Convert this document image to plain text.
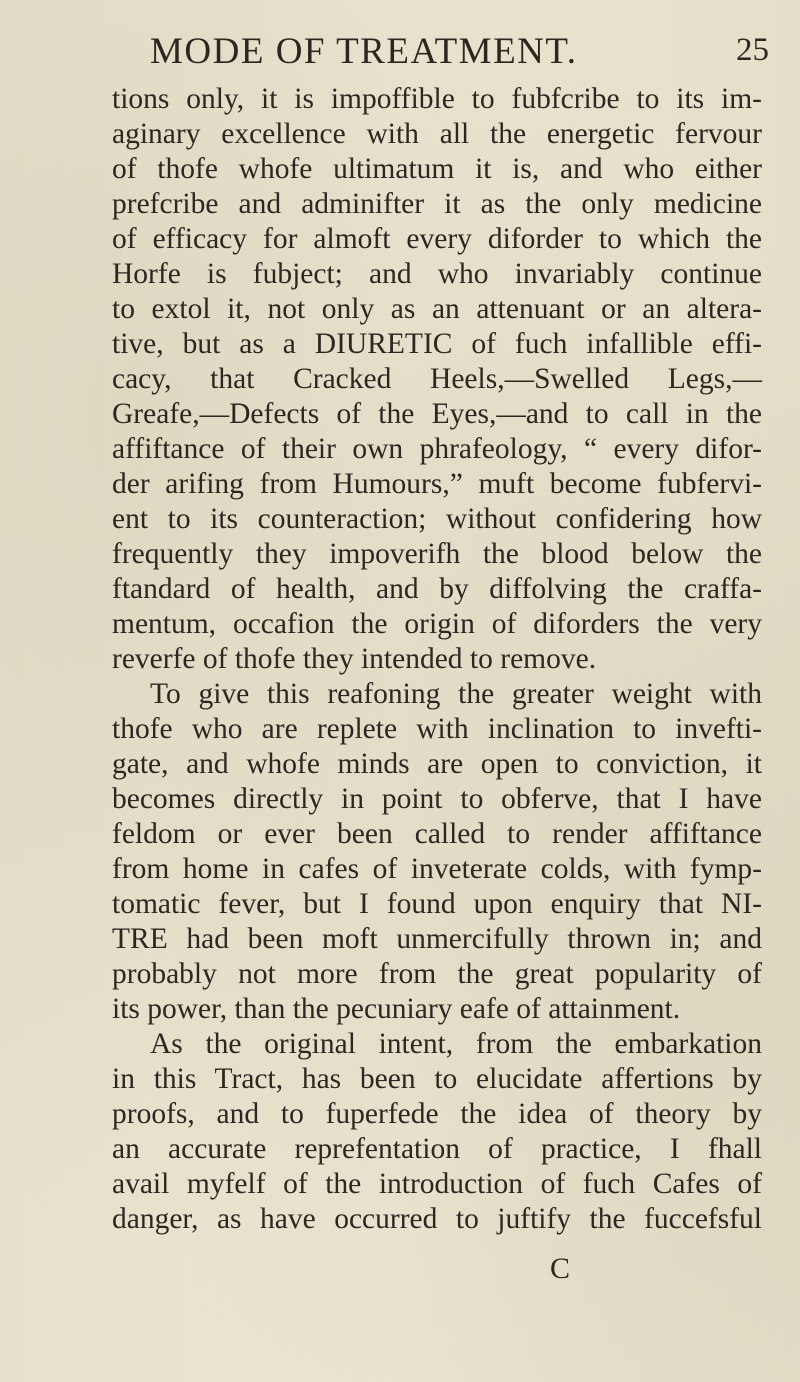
MODE OF TREATMENT.	25
tions only, it is impoffible to fubfcribe to its im-
aginary excellence with all the energetic fervour
of thofe whofe ultimatum it is, and who either
prefcribe and adminifter it as the only medicine
of efficacy for almoft every diforder to which the
Horfe is fubject; and who invariably continue
to extol it, not only as an attenuant or an altera-
tive, but as a DIURETIC of fuch infallible effi-
cacy, that Cracked Heels,—Swelled Legs,—
Greafe,—Defects of the Eyes,—and to call in the
affiftance of their own phrafeology, “ every difor-
der arifing from Humours,” muft become fubfervi-
ent to its counteraction; without confidering how
frequently they impoverifh the blood below the
ftandard of health, and by diffolving the craffa-
mentum, occafion the origin of diforders the very
reverfe of thofe they intended to remove.
To give this reafoning the greater weight with
thofe who are replete with inclination to invefti-
gate, and whofe minds are open to conviction, it
becomes directly in point to obferve, that I have
feldom or ever been called to render affiftance
from home in cafes of inveterate colds, with fymp-
tomatic fever, but I found upon enquiry that NI-
TRE had been moft unmercifully thrown in; and
probably not more from the great popularity of
its power, than the pecuniary eafe of attainment.
As the original intent, from the embarkation
in this Tract, has been to elucidate affertions by
proofs, and to fuperfede the idea of theory by
an accurate reprefentation of practice, I fhall
avail myfelf of the introduction of fuch Cafes of
danger, as have occurred to juftify the fuccefsful
C
